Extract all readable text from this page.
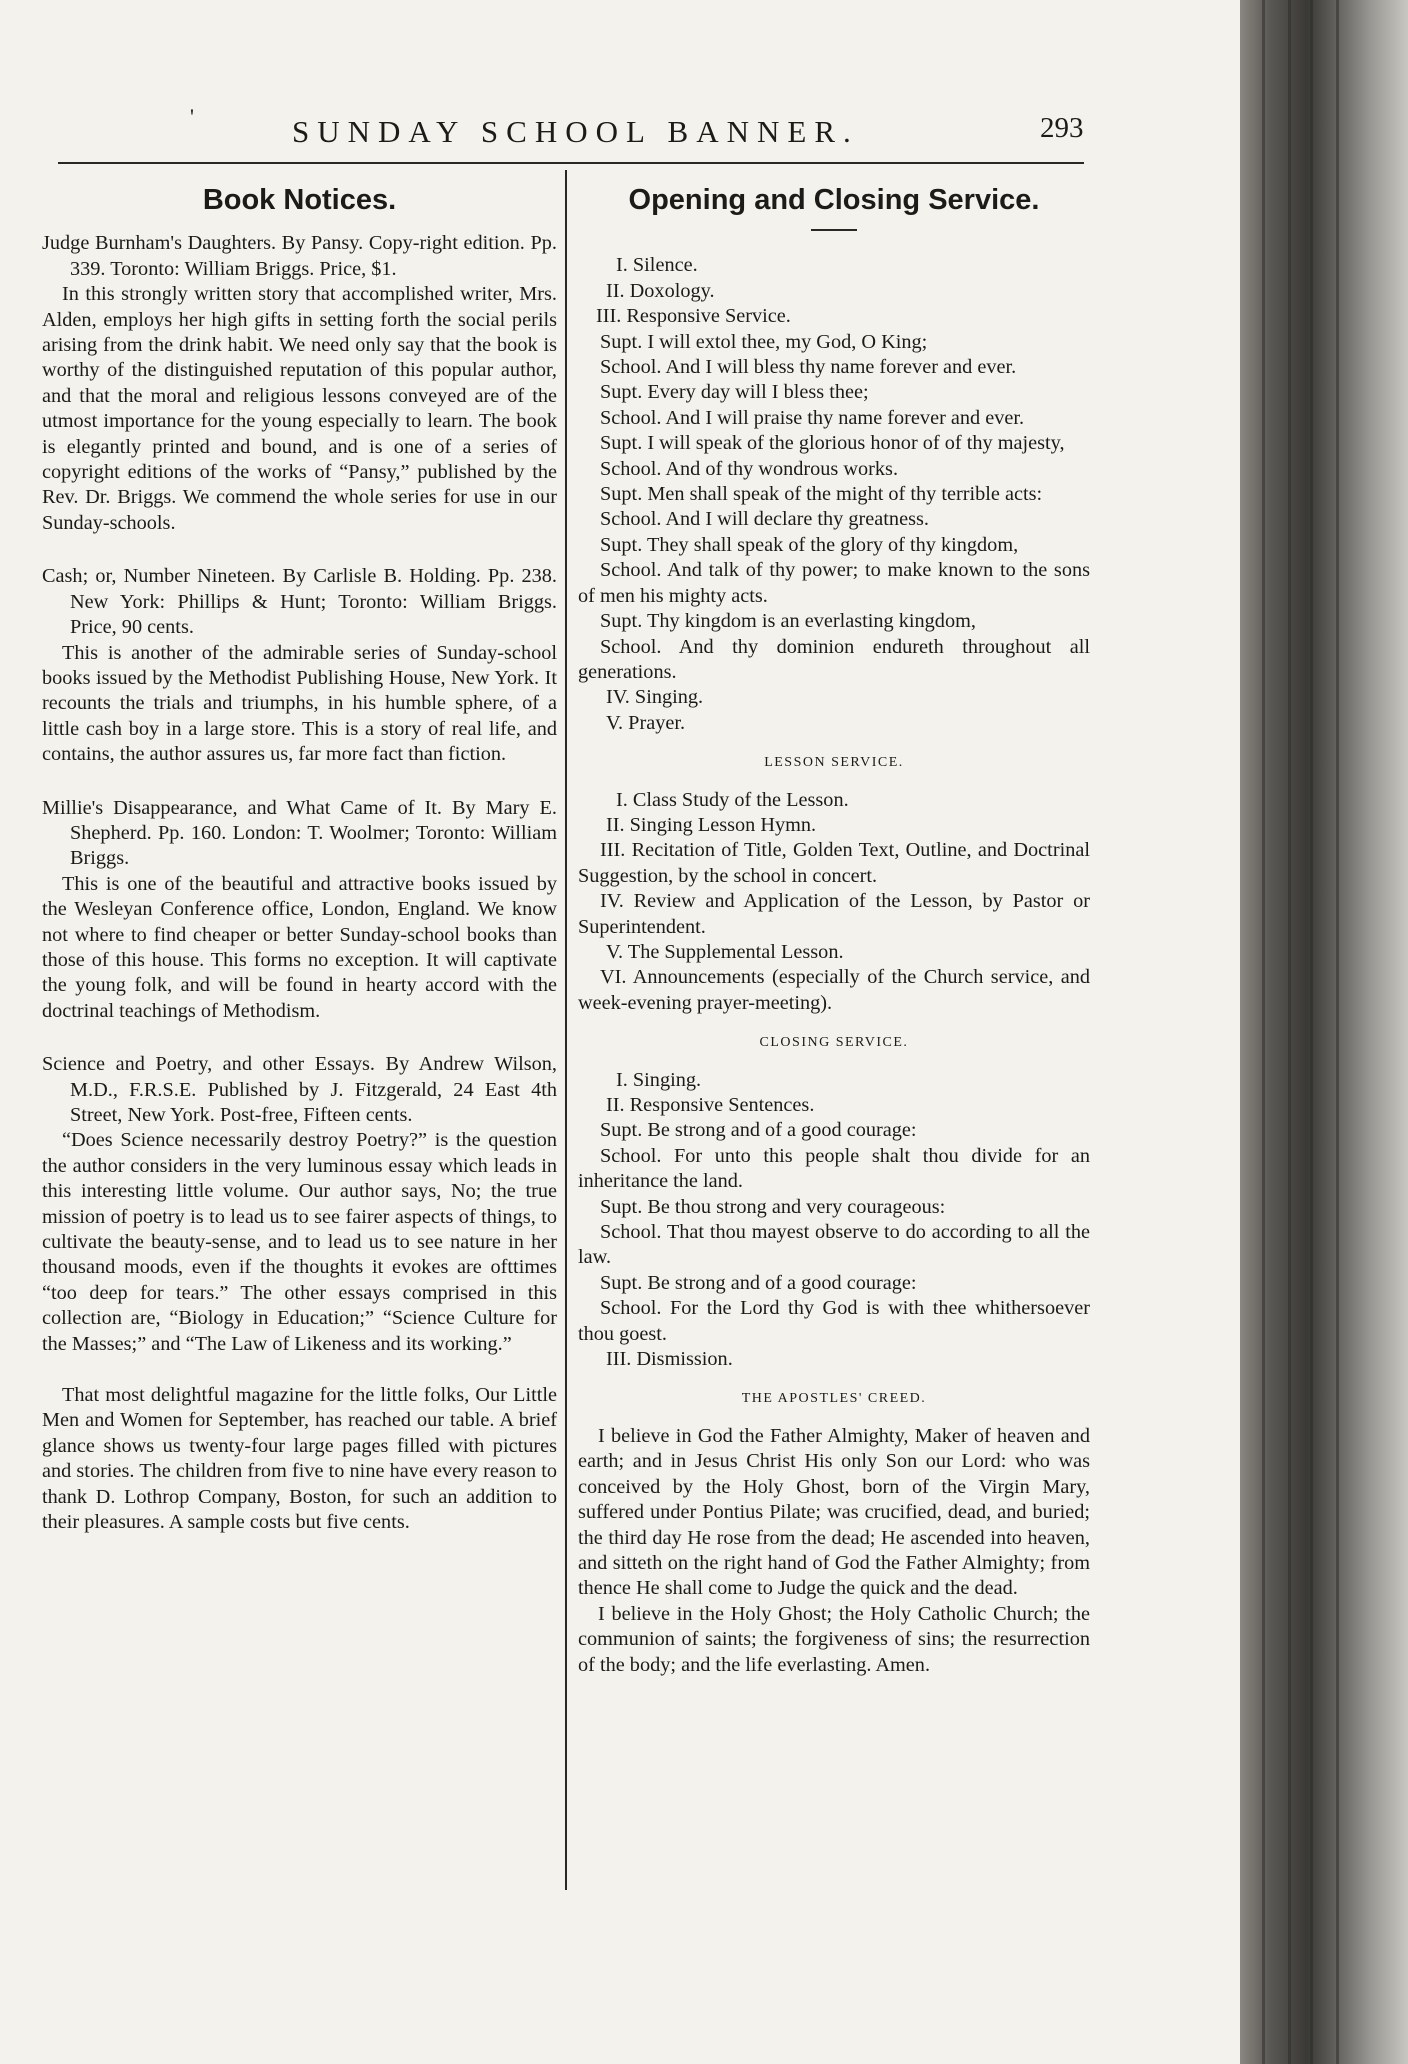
'	SUNDAY SCHOOL BANNER.	293
Book Notices.

Judge Burnham's Daughters. By Pansy. Copy-right edition. Pp. 339. Toronto: William Briggs. Price, $1.

In this strongly written story that accomplished writer, Mrs. Alden, employs her high gifts in setting forth the social perils arising from the drink habit. We need only say that the book is worthy of the distinguished reputation of this popular author, and that the moral and religious lessons conveyed are of the utmost importance for the young especially to learn. The book is elegantly printed and bound, and is one of a series of copyright editions of the works of “Pansy,” published by the Rev. Dr. Briggs. We commend the whole series for use in our Sunday-schools.

Cash; or, Number Nineteen. By Carlisle B. Holding. Pp. 238. New York: Phillips & Hunt; Toronto: William Briggs. Price, 90 cents.

This is another of the admirable series of Sunday-school books issued by the Methodist Publishing House, New York. It recounts the trials and triumphs, in his humble sphere, of a little cash boy in a large store. This is a story of real life, and contains, the author assures us, far more fact than fiction.

Millie's Disappearance, and What Came of It. By Mary E. Shepherd. Pp. 160. London: T. Woolmer; Toronto: William Briggs.

This is one of the beautiful and attractive books issued by the Wesleyan Conference office, London, England. We know not where to find cheaper or better Sunday-school books than those of this house. This forms no exception. It will captivate the young folk, and will be found in hearty accord with the doctrinal teachings of Methodism.

Science and Poetry, and other Essays. By Andrew Wilson, M.D., F.R.S.E. Published by J. Fitzgerald, 24 East 4th Street, New York. Post-free, Fifteen cents.

“Does Science necessarily destroy Poetry?” is the question the author considers in the very luminous essay which leads in this interesting little volume. Our author says, No; the true mission of poetry is to lead us to see fairer aspects of things, to cultivate the beauty-sense, and to lead us to see nature in her thousand moods, even if the thoughts it evokes are ofttimes “too deep for tears.” The other essays comprised in this collection are, “Biology in Education;” “Science Culture for the Masses;” and “The Law of Likeness and its working.”

That most delightful magazine for the little folks, Our Little Men and Women for September, has reached our table. A brief glance shows us twenty-four large pages filled with pictures and stories. The children from five to nine have every reason to thank D. Lothrop Company, Boston, for such an addition to their pleasures. A sample costs but five cents.

Opening and Closing Service.

I. Silence.

II. Doxology.

III. Responsive Service.

Supt. I will extol thee, my God, O King;

School. And I will bless thy name forever and ever.

Supt. Every day will I bless thee;

School. And I will praise thy name forever and ever.

Supt. I will speak of the glorious honor of of thy majesty,

School. And of thy wondrous works.

Supt. Men shall speak of the might of thy terrible acts:

School. And I will declare thy greatness.

Supt. They shall speak of the glory of thy kingdom,

School. And talk of thy power; to make known to the sons of men his mighty acts.

Supt. Thy kingdom is an everlasting kingdom,

School. And thy dominion endureth throughout all generations.

IV. Singing.

V. Prayer.

LESSON SERVICE.

I. Class Study of the Lesson.

II. Singing Lesson Hymn.

III. Recitation of Title, Golden Text, Outline, and Doctrinal Suggestion, by the school in concert.

IV. Review and Application of the Lesson, by Pastor or Superintendent.

V. The Supplemental Lesson.

VI. Announcements (especially of the Church service, and week-evening prayer-meeting).

CLOSING SERVICE.

I. Singing.

II. Responsive Sentences.

Supt. Be strong and of a good courage:

School. For unto this people shalt thou divide for an inheritance the land.

Supt. Be thou strong and very courageous:

School. That thou mayest observe to do according to all the law.

Supt. Be strong and of a good courage:

School. For the Lord thy God is with thee whithersoever thou goest.

III. Dismission.

THE APOSTLES' CREED.

I believe in God the Father Almighty, Maker of heaven and earth; and in Jesus Christ His only Son our Lord: who was conceived by the Holy Ghost, born of the Virgin Mary, suffered under Pontius Pilate; was crucified, dead, and buried; the third day He rose from the dead; He ascended into heaven, and sitteth on the right hand of God the Father Almighty; from thence He shall come to Judge the quick and the dead.

I believe in the Holy Ghost; the Holy Catholic Church; the communion of saints; the forgiveness of sins; the resurrection of the body; and the life everlasting. Amen.
